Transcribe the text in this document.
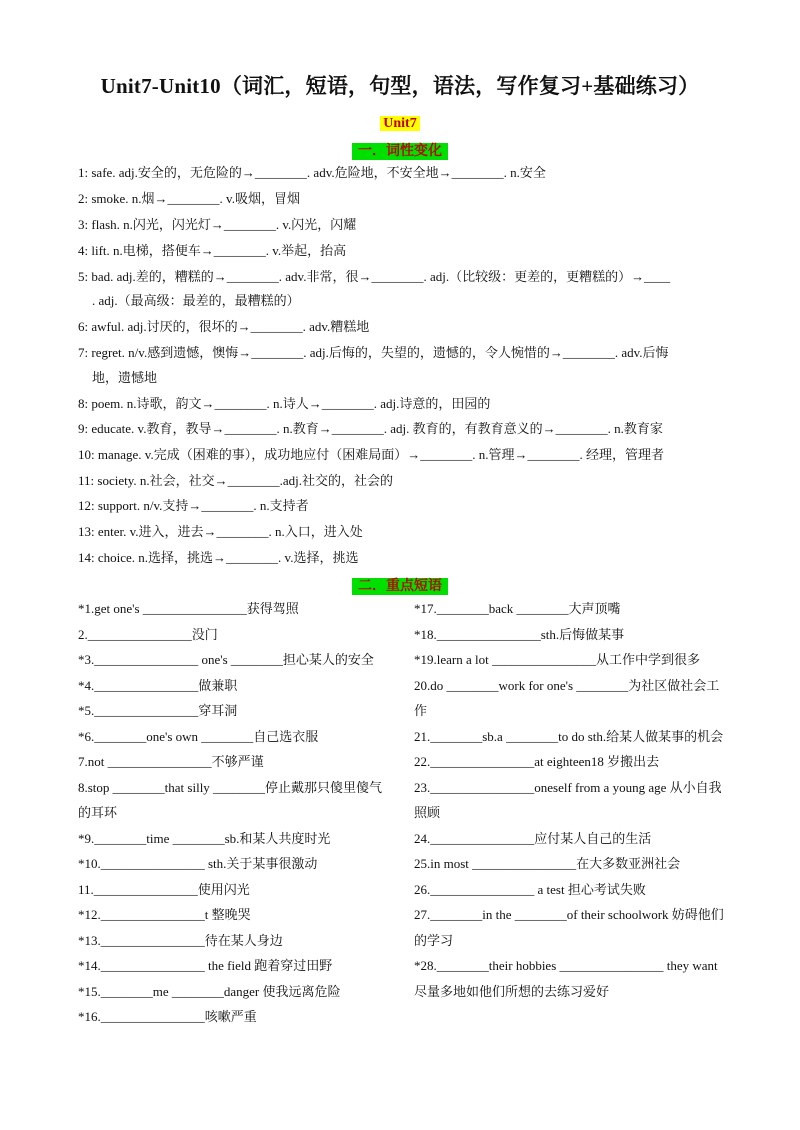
Unit7-Unit10（词汇，短语，句型，语法，写作复习+基础练习）
Unit7
一．词性变化
1: safe. adj.安全的，无危险的→________. adv.危险地，不安全地→________. n.安全
2: smoke. n.烟→________. v.吸烟，冒烟
3: flash. n.闪光，闪光灯→________. v.闪光，闪耀
4: lift. n.电梯，搭便车→________. v.举起，抬高
5: bad. adj.差的，糟糕的→________. adv.非常，很→________. adj.（比较级：更差的，更糟糕的）→____
. adj.（最高级：最差的，最糟糕的）
6: awful. adj.讨厌的，很坏的→________. adv.糟糕地
7: regret. n/v.感到遗憾，懊悔→________. adj.后悔的，失望的，遗憾的，令人惋惜的→________. adv.后悔
地，遗憾地
8: poem. n.诗歌，韵文→________. n.诗人→________. adj.诗意的，田园的
9: educate. v.教育，教导→________. n.教育→________. adj. 教育的，有教育意义的→________. n.教育家
10: manage. v.完成（困难的事），成功地应付（困难局面）→________. n.管理→________. 经理，管理者
11: society. n.社会，社交→________.adj.社交的，社会的
12: support. n/v.支持→________. n.支持者
13: enter. v.进入，进去→________. n.入口，进入处
14: choice. n.选择，挑选→________. v.选择，挑选
二．重点短语
*1.get one's ________________获得驾照
2.________________没门
*3.________________ one's ________担心某人的安全
*4.________________做兼职
*5.________________穿耳洞
*6.________one's own ________自己选衣服
7.not ________________不够严谨
8.stop ________that silly ________停止戴那只傻里傻气的耳环
*9.________time ________sb.和某人共度时光
*10.________________ sth.关于某事很激动
11.________________使用闪光
*12.________________t 整晚哭
*13.________________待在某人身边
*14.________________ the field 跑着穿过田野
*15.________me ________danger 使我远离危险
*16.________________咳嗽严重
*17.________back ________大声顶嘴
*18.________________sth.后悔做某事
*19.learn a lot ________________从工作中学到很多
20.do ________work for one's ________为社区做社会工作
21.________sb.a ________to do sth.给某人做某事的机会
22.________________at eighteen18 岁搬出去
23.________________oneself from a young age 从小自我照顾
24.________________应付某人自己的生活
25.in most ________________在大多数亚洲社会
26.________________ a test 担心考试失败
27.________in the ________of their schoolwork 妨碍他们的学习
*28.________their hobbies ________________ they want 尽量多地如他们所想的去练习爱好
